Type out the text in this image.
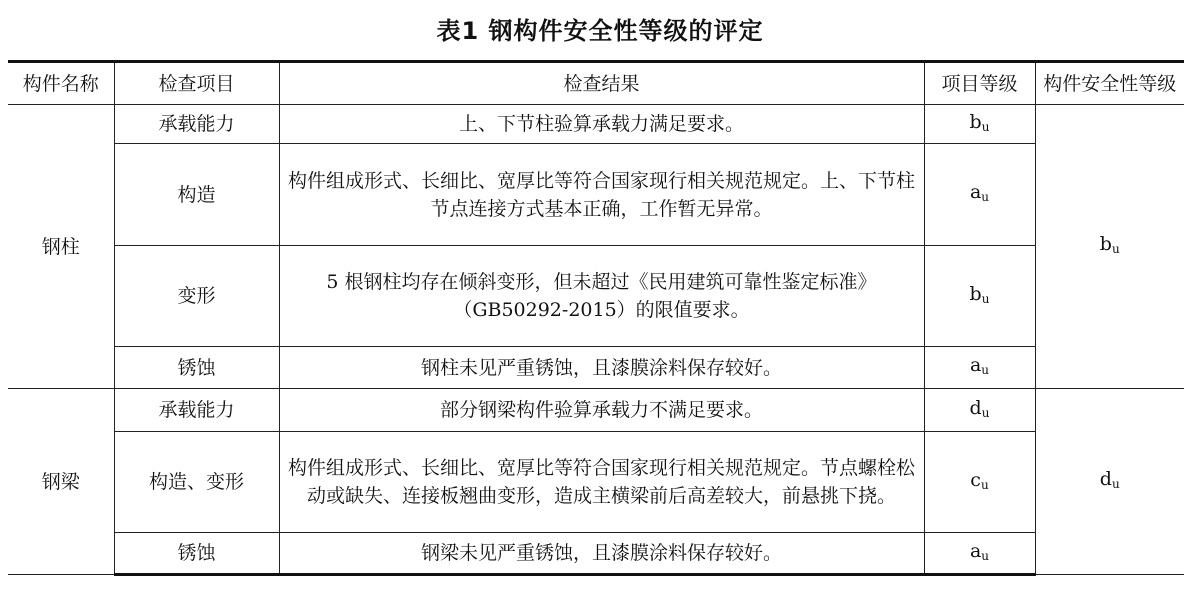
表1 钢构件安全性等级的评定
构件名称	检查项目	检查结果	项目等级	构件安全性等级
钢柱	承载能力	上、下节柱验算承载力满足要求。	$b_u$	$b_u$
	构造	构件组成形式、长细比、宽厚比等符合国家现行相关规范规定。上、下节柱节点连接方式基本正确，工作暂无异常。	$a_u$
	变形	5 根钢柱均存在倾斜变形，但未超过《民用建筑可靠性鉴定标准》（GB50292-2015）的限值要求。	$b_u$
	锈蚀	钢柱未见严重锈蚀，且漆膜涂料保存较好。	$a_u$
钢梁	承载能力	部分钢梁构件验算承载力不满足要求。	$d_u$	$d_u$
	构造、变形	构件组成形式、长细比、宽厚比等符合国家现行相关规范规定。节点螺栓松动或缺失、连接板翘曲变形，造成主横梁前后高差较大，前悬挑下挠。	$c_u$
	锈蚀	钢梁未见严重锈蚀，且漆膜涂料保存较好。	$a_u$
